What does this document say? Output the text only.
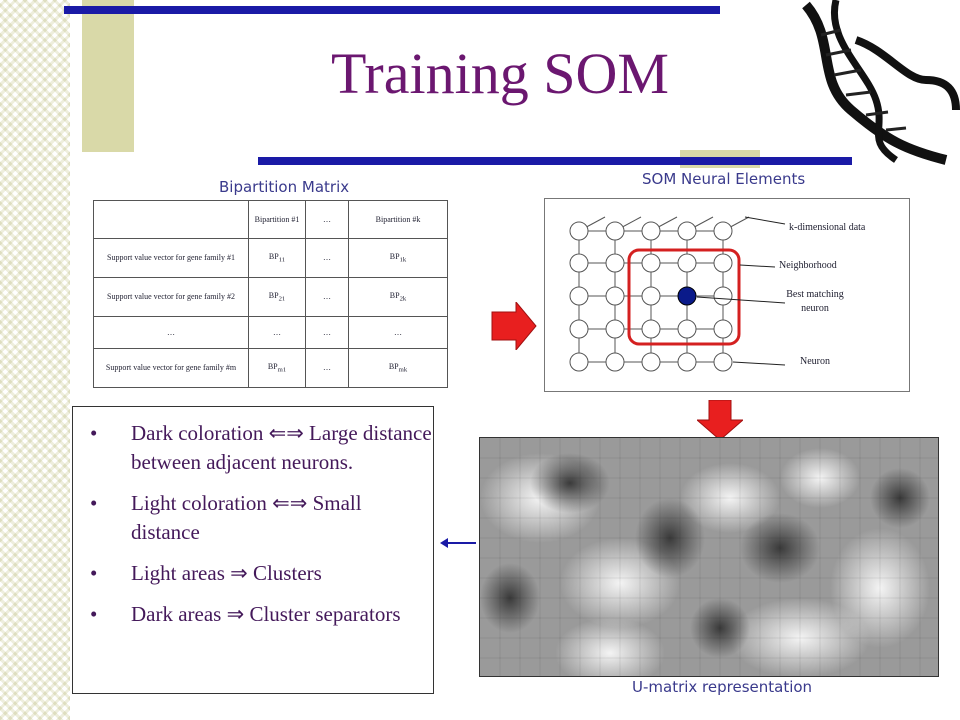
Training SOM
Bipartition Matrix
	Bipartition #1	…	Bipartition #k
Support value vector for gene family #1	$BP_{11}$	…	$BP_{1k}$
Support value vector for gene family #2	$BP_{21}$	…	$BP_{2k}$
…	…	…	…
Support value vector for gene family #m	$BP_{m1}$	…	$BP_{mk}$
SOM Neural Elements
k-dimensional data
Neighborhood
Best matching neuron
Neuron
U-matrix representation
• Dark coloration ⇐⇒ Large distance between adjacent neurons.
• Light coloration ⇐⇒ Small distance
• Light areas ⇒ Clusters
• Dark areas ⇒ Cluster separators
